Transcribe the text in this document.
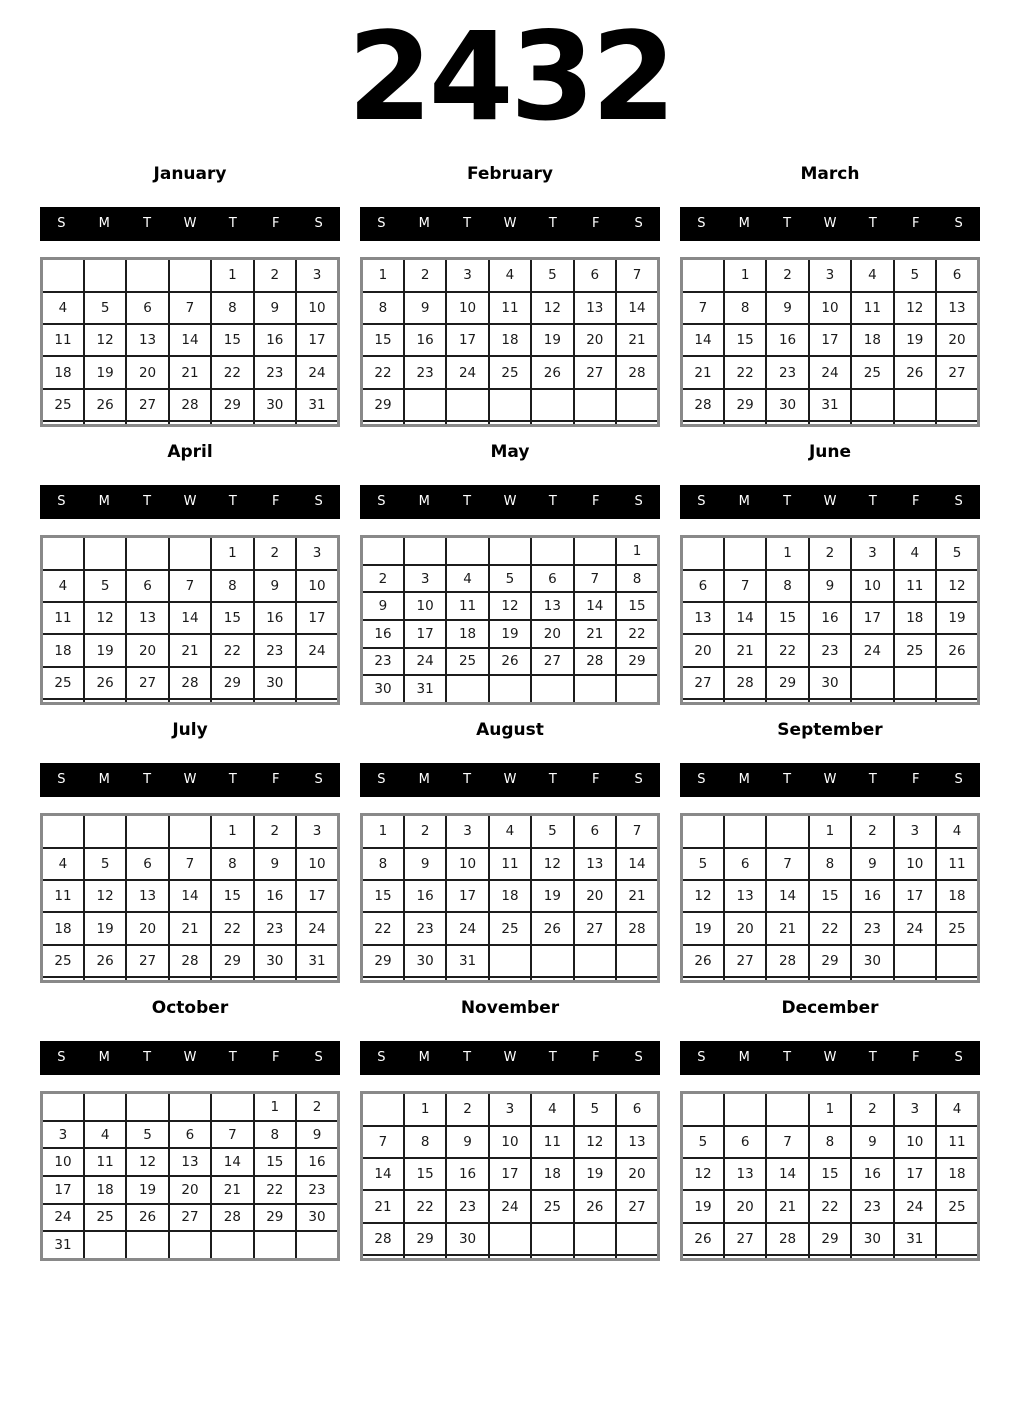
2432
January
S	M	T	W	T	F	S
				1	2	3
4	5	6	7	8	9	10
11	12	13	14	15	16	17
18	19	20	21	22	23	24
25	26	27	28	29	30	31

February
S	M	T	W	T	F	S
1	2	3	4	5	6	7
8	9	10	11	12	13	14
15	16	17	18	19	20	21
22	23	24	25	26	27	28
29						

March
S	M	T	W	T	F	S
	1	2	3	4	5	6
7	8	9	10	11	12	13
14	15	16	17	18	19	20
21	22	23	24	25	26	27
28	29	30	31			

April
S	M	T	W	T	F	S
				1	2	3
4	5	6	7	8	9	10
11	12	13	14	15	16	17
18	19	20	21	22	23	24
25	26	27	28	29	30	

May
S	M	T	W	T	F	S
						1
2	3	4	5	6	7	8
9	10	11	12	13	14	15
16	17	18	19	20	21	22
23	24	25	26	27	28	29
30	31					
June
S	M	T	W	T	F	S
		1	2	3	4	5
6	7	8	9	10	11	12
13	14	15	16	17	18	19
20	21	22	23	24	25	26
27	28	29	30			

July
S	M	T	W	T	F	S
				1	2	3
4	5	6	7	8	9	10
11	12	13	14	15	16	17
18	19	20	21	22	23	24
25	26	27	28	29	30	31

August
S	M	T	W	T	F	S
1	2	3	4	5	6	7
8	9	10	11	12	13	14
15	16	17	18	19	20	21
22	23	24	25	26	27	28
29	30	31				

September
S	M	T	W	T	F	S
			1	2	3	4
5	6	7	8	9	10	11
12	13	14	15	16	17	18
19	20	21	22	23	24	25
26	27	28	29	30		

October
S	M	T	W	T	F	S
					1	2
3	4	5	6	7	8	9
10	11	12	13	14	15	16
17	18	19	20	21	22	23
24	25	26	27	28	29	30
31						
November
S	M	T	W	T	F	S
	1	2	3	4	5	6
7	8	9	10	11	12	13
14	15	16	17	18	19	20
21	22	23	24	25	26	27
28	29	30				

December
S	M	T	W	T	F	S
			1	2	3	4
5	6	7	8	9	10	11
12	13	14	15	16	17	18
19	20	21	22	23	24	25
26	27	28	29	30	31	
